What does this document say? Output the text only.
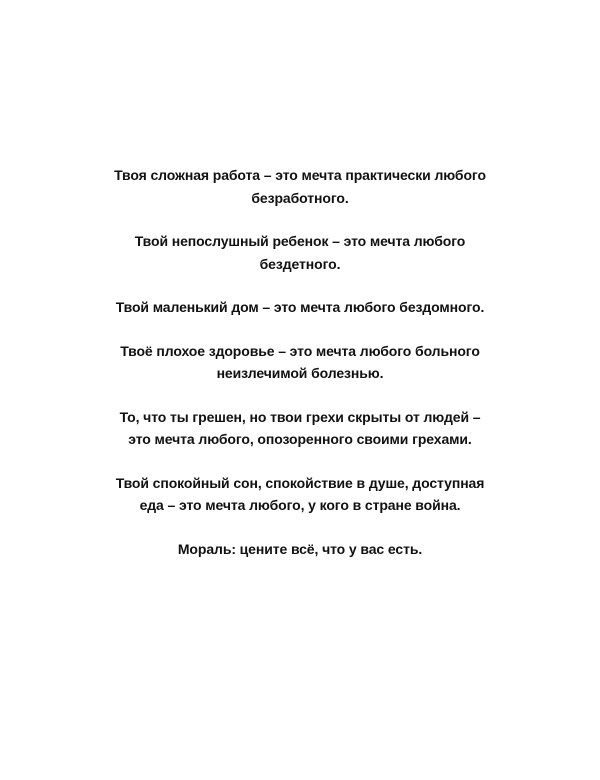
Твоя сложная работа – это мечта практически любого
безработного.

Твой непослушный ребенок – это мечта любого
бездетного.

Твой маленький дом – это мечта любого бездомного.

Твоё плохое здоровье – это мечта любого больного
неизлечимой болезнью.

То, что ты грешен, но твои грехи скрыты от людей –
это мечта любого, опозоренного своими грехами.

Твой спокойный сон, спокойствие в душе, доступная
еда – это мечта любого, у кого в стране война.

Мораль: цените всё, что у вас есть.
